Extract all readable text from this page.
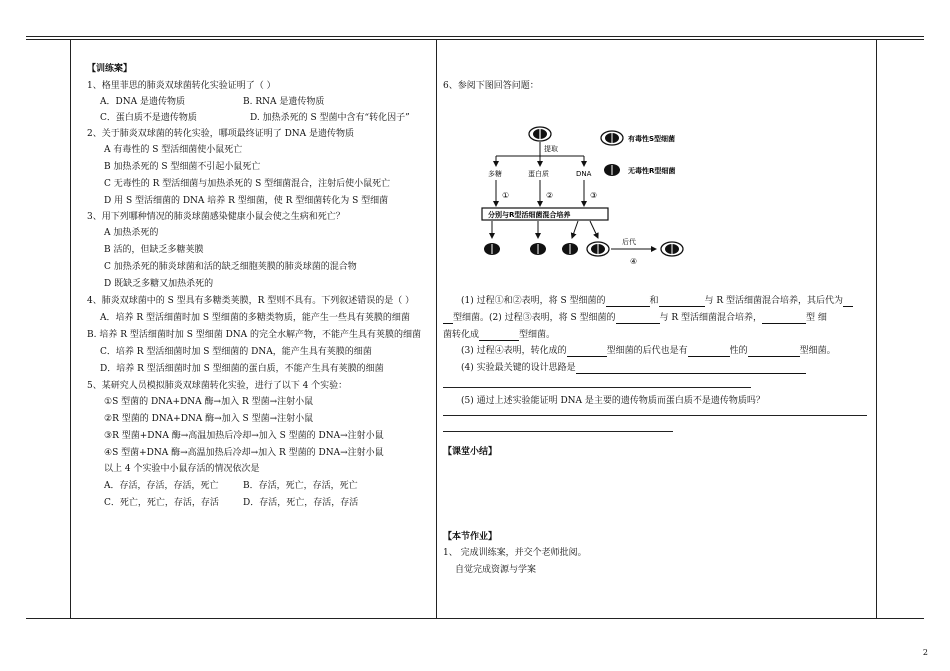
【训练案】
1、格里菲思的肺炎双球菌转化实验证明了（ ）
A．DNA 是遗传物质	B. RNA 是遗传物质
C．蛋白质不是遗传物质	D. 加热杀死的 S 型菌中含有“转化因子”
2、关于肺炎双球菌的转化实验，哪项最终证明了 DNA 是遗传物质
A 有毒性的 S 型活细菌使小鼠死亡
B 加热杀死的 S 型细菌不引起小鼠死亡
C 无毒性的 R 型活细菌与加热杀死的 S 型细菌混合，注射后使小鼠死亡
D 用 S 型活细菌的 DNA 培养 R 型细菌，使 R 型细菌转化为 S 型细菌
3、用下列哪种情况的肺炎球菌感染健康小鼠会使之生病和死亡？
A 加热杀死的
B 活的，但缺乏多糖荚膜
C 加热杀死的肺炎球菌和活的缺乏细胞荚膜的肺炎球菌的混合物
D 既缺乏多糖又加热杀死的
4、肺炎双球菌中的 S 型具有多糖类荚膜，R 型则不具有。下列叙述错误的是（ ）
A．培养 R 型活细菌时加 S 型细菌的多糖类物质，能产生一些具有荚膜的细菌
B. 培养 R 型活细菌时加 S 型细菌 DNA 的完全水解产物，不能产生具有荚膜的细菌
C．培养 R 型活细菌时加 S 型细菌的 DNA，能产生具有荚膜的细菌
D．培养 R 型活细菌时加 S 型细菌的蛋白质，不能产生具有荚膜的细菌
5、某研究人员模拟肺炎双球菌转化实验，进行了以下 4 个实验：
①S 型菌的 DNA+DNA 酶→加入 R 型菌→注射小鼠
②R 型菌的 DNA+DNA 酶→加入 S 型菌→注射小鼠
③R 型菌+DNA 酶→高温加热后冷却→加入 S 型菌的 DNA→注射小鼠
④S 型菌+DNA 酶→高温加热后冷却→加入 R 型菌的 DNA→注射小鼠
以上 4 个实验中小鼠存活的情况依次是
A．存活，存活，存活，死亡	B．存活，死亡，存活，死亡
C．死亡，死亡，存活，存活	D．存活，死亡，存活，存活
6、参阅下图回答问题：
提取
多糖	蛋白质	DNA
①	②	③
分别与R型活细菌混合培养
后代
④
有毒性S型细菌
无毒性R型细菌
(1) 过程①和②表明，将 S 型细菌的	和	与 R 型活细菌混合培养，其后代为
型细菌。(2) 过程③表明，将 S 型细菌的	与 R 型活细菌混合培养，	型 细
菌转化成	型细菌。
(3) 过程④表明，转化成的	型细菌的后代也是有	性的	型细菌。
(4) 实验最关键的设计思路是
(5) 通过上述实验能证明 DNA 是主要的遗传物质而蛋白质不是遗传物质吗？
【课堂小结】
【本节作业】
1、 完成训练案，并交个老师批阅。
自觉完成资源与学案
2
